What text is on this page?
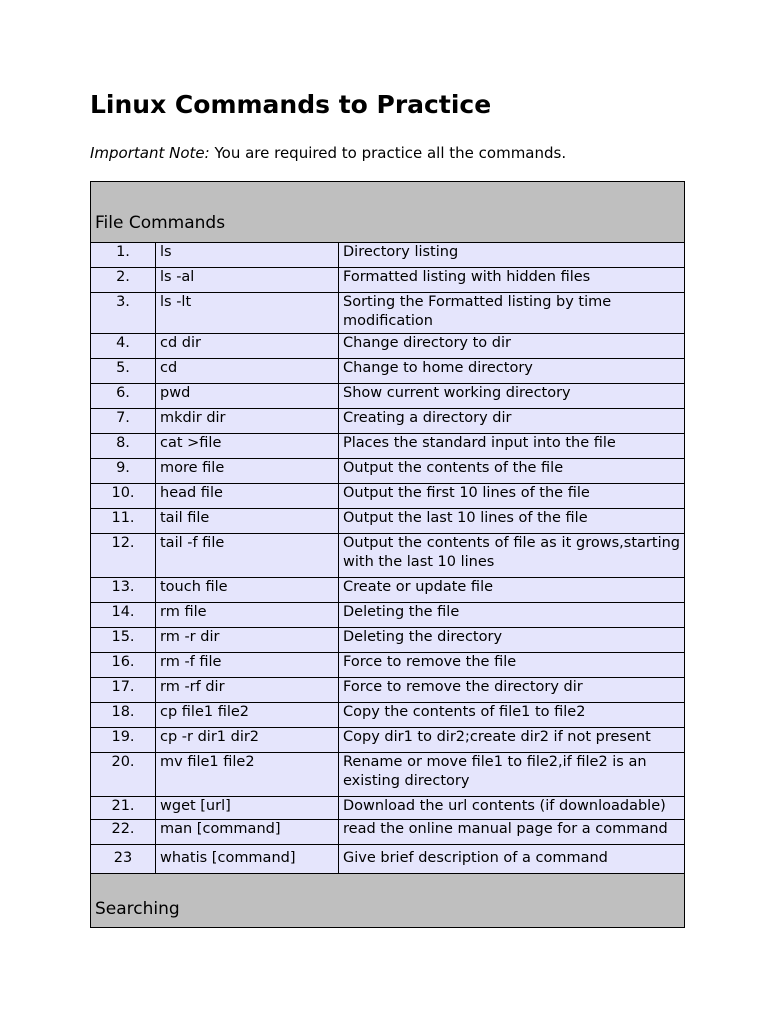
Linux Commands to Practice

Important Note: You are required to practice all the commands.

File Commands		
1.	ls	Directory listing
2.	ls -al	Formatted listing with hidden files
3.	ls -lt	Sorting the Formatted listing by time modification
4.	cd dir	Change directory to dir
5.	cd	Change to home directory
6.	pwd	Show current working directory
7.	mkdir dir	Creating a directory dir
8.	cat >file	Places the standard input into the file
9.	more file	Output the contents of the file
10.	head file	Output the first 10 lines of the file
11.	tail file	Output the last 10 lines of the file
12.	tail -f file	Output the contents of file as it grows,starting with the last 10 lines
13.	touch file	Create or update file
14.	rm file	Deleting the file
15.	rm -r dir	Deleting the directory
16.	rm -f file	Force to remove the file
17.	rm -rf dir	Force to remove the directory dir
18.	cp file1 file2	Copy the contents of file1 to file2
19.	cp -r dir1 dir2	Copy dir1 to dir2;create dir2 if not present
20.	mv file1 file2	Rename or move file1 to file2,if file2 is an existing directory
21.	wget [url]	Download the url contents (if downloadable)
22.	man [command]	read the online manual page for a command
23	whatis [command]	Give brief description of a command
Searching		
